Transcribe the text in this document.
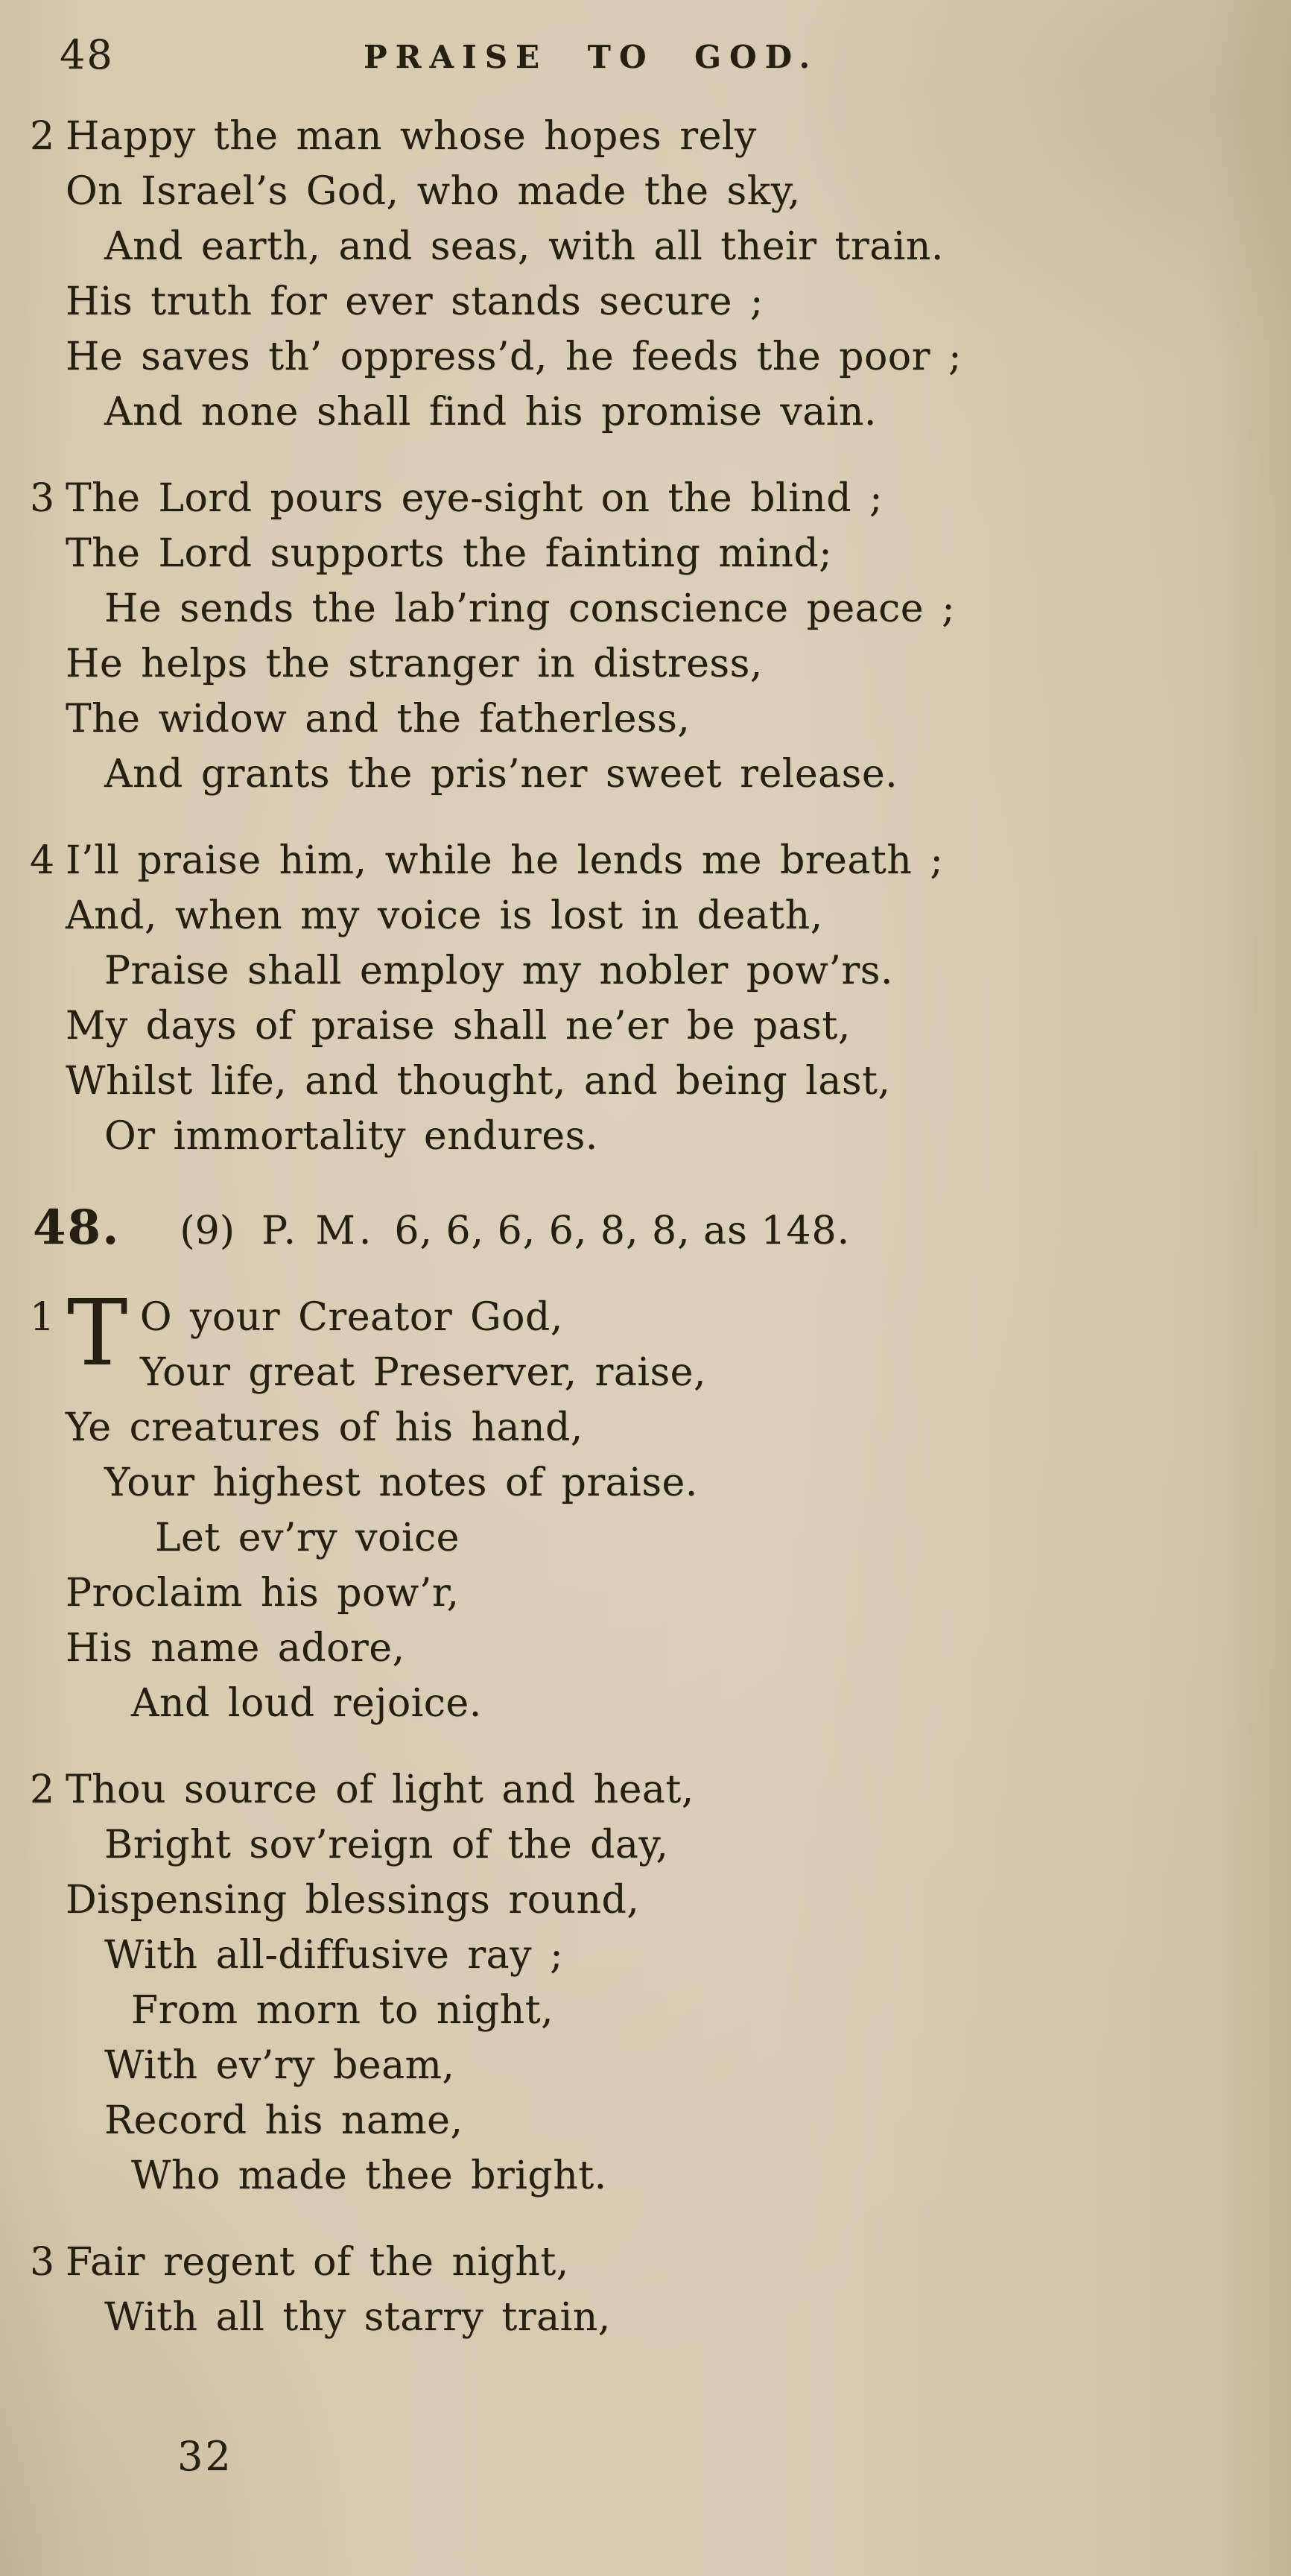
48	PRAISE TO GOD.
2 Happy the man whose hopes rely
On Israel’s God, who made the sky,
And earth, and seas, with all their train.
His truth for ever stands secure ;
He saves th’ oppress’d, he feeds the poor ;
And none shall find his promise vain.
3 The Lord pours eye-sight on the blind ;
The Lord supports the fainting mind;
He sends the lab’ring conscience peace ;
He helps the stranger in distress,
The widow and the fatherless,
And grants the pris’ner sweet release.
4 I’ll praise him, while he lends me breath ;
And, when my voice is lost in death,
Praise shall employ my nobler pow’rs.
My days of praise shall ne’er be past,
Whilst life, and thought, and being last,
Or immortality endures.
48. (9) P. M. 6, 6, 6, 6, 8, 8, as 148.
1 T O your Creator God,
Your great Preserver, raise,
Ye creatures of his hand,
Your highest notes of praise.
Let ev’ry voice
Proclaim his pow’r,
His name adore,
And loud rejoice.
2 Thou source of light and heat,
Bright sov’reign of the day,
Dispensing blessings round,
With all-diffusive ray ;
From morn to night,
With ev’ry beam,
Record his name,
Who made thee bright.
3 Fair regent of the night,
With all thy starry train,
32
